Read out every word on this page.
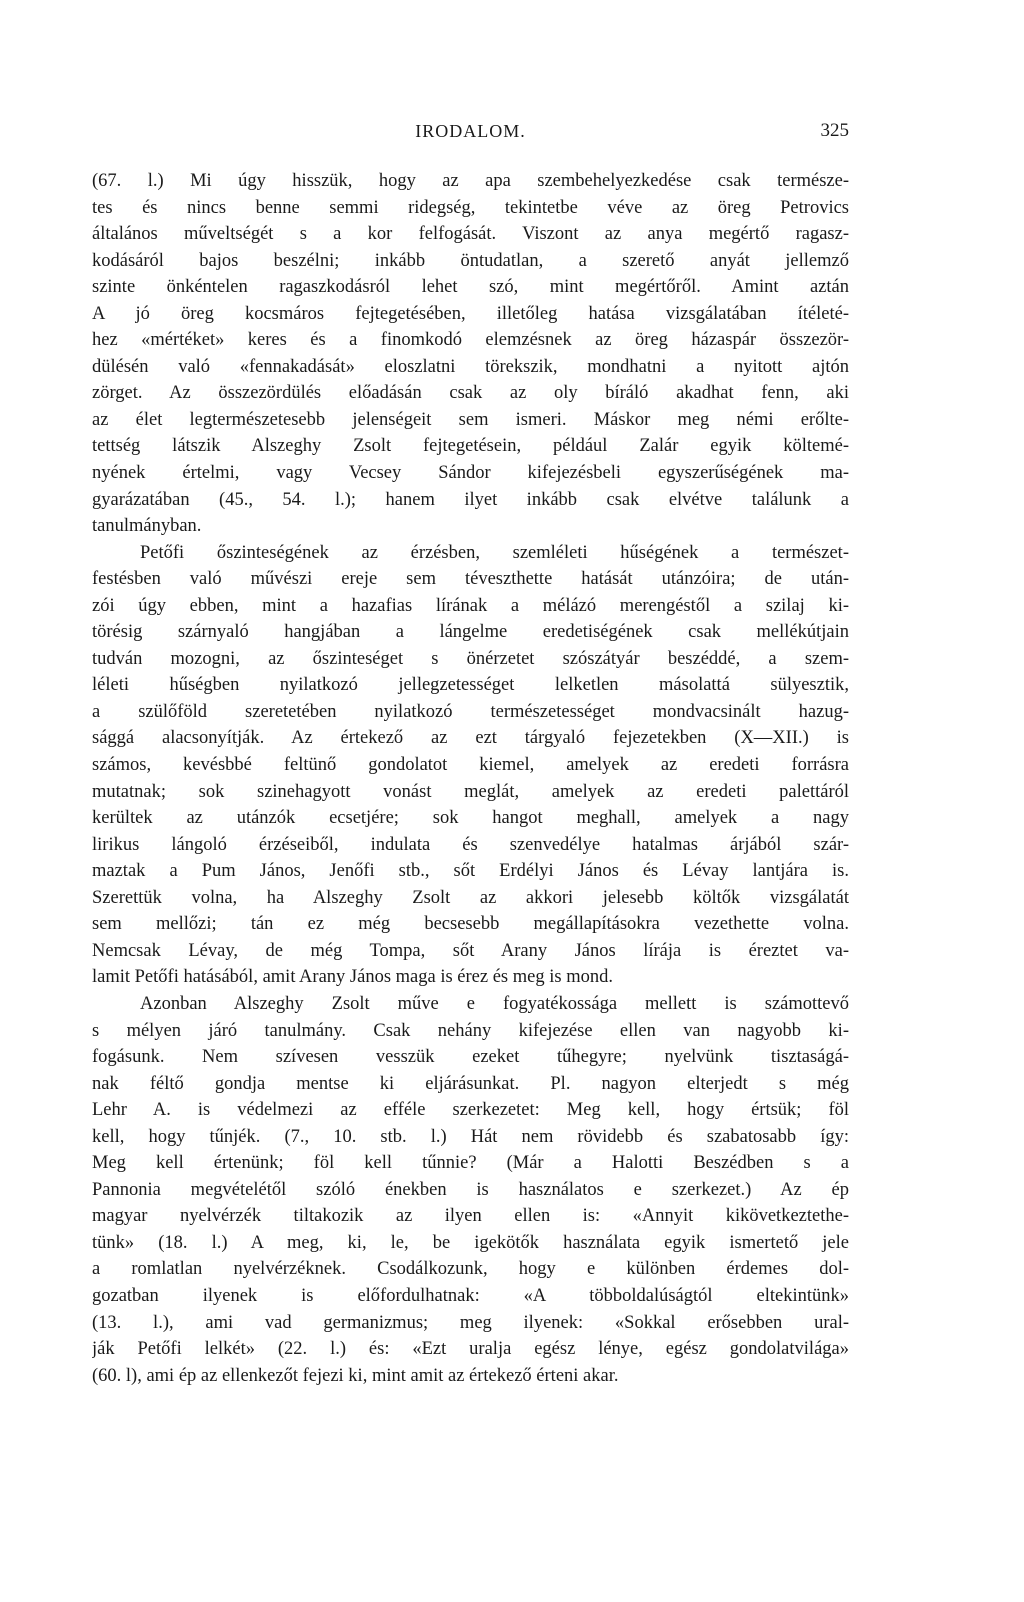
IRODALOM.	325
(67. l.) Mi úgy hisszük, hogy az apa szembehelyezkedése csak természe-
tes és nincs benne semmi ridegség, tekintetbe véve az öreg Petrovics
általános műveltségét s a kor felfogását. Viszont az anya megértő ragasz-
kodásáról bajos beszélni; inkább öntudatlan, a szerető anyát jellemző
szinte önkéntelen ragaszkodásról lehet szó, mint megértőről. Amint aztán
A jó öreg kocsmáros fejtegetésében, illetőleg hatása vizsgálatában ítéleté-
hez «mértéket» keres és a finomkodó elemzésnek az öreg házaspár összezör-
dülésén való «fennakadását» eloszlatni törekszik, mondhatni a nyitott ajtón
zörget. Az összezördülés előadásán csak az oly bíráló akadhat fenn, aki
az élet legtermészetesebb jelenségeit sem ismeri. Máskor meg némi erőlte-
tettség látszik Alszeghy Zsolt fejtegetésein, például Zalár egyik költemé-
nyének értelmi, vagy Vecsey Sándor kifejezésbeli egyszerűségének ma-
gyarázatában (45., 54. l.); hanem ilyet inkább csak elvétve találunk a
tanulmányban.
Petőfi őszinteségének az érzésben, szemléleti hűségének a természet-
festésben való művészi ereje sem téveszthette hatását utánzóira; de után-
zói úgy ebben, mint a hazafias lírának a mélázó merengéstől a szilaj ki-
törésig szárnyaló hangjában a lángelme eredetiségének csak mellékútjain
tudván mozogni, az őszinteséget s önérzetet szószátyár beszéddé, a szem-
léleti hűségben nyilatkozó jellegzetességet lelketlen másolattá sülyesztik,
a szülőföld szeretetében nyilatkozó természetességet mondvacsinált hazug-
sággá alacsonyítják. Az értekező az ezt tárgyaló fejezetekben (X—XII.) is
számos, kevésbbé feltünő gondolatot kiemel, amelyek az eredeti forrásra
mutatnak; sok szinehagyott vonást meglát, amelyek az eredeti palettáról
kerültek az utánzók ecsetjére; sok hangot meghall, amelyek a nagy
lirikus lángoló érzéseiből, indulata és szenvedélye hatalmas árjából szár-
maztak a Pum János, Jenőfi stb., sőt Erdélyi János és Lévay lantjára is.
Szerettük volna, ha Alszeghy Zsolt az akkori jelesebb költők vizsgálatát
sem mellőzi; tán ez még becsesebb megállapításokra vezethette volna.
Nemcsak Lévay, de még Tompa, sőt Arany János lírája is éreztet va-
lamit Petőfi hatásából, amit Arany János maga is érez és meg is mond.
Azonban Alszeghy Zsolt műve e fogyatékossága mellett is számottevő
s mélyen járó tanulmány. Csak nehány kifejezése ellen van nagyobb ki-
fogásunk. Nem szívesen vesszük ezeket tűhegyre; nyelvünk tisztaságá-
nak féltő gondja mentse ki eljárásunkat. Pl. nagyon elterjedt s még
Lehr A. is védelmezi az efféle szerkezetet: Meg kell, hogy értsük; föl
kell, hogy tűnjék. (7., 10. stb. l.) Hát nem rövidebb és szabatosabb így:
Meg kell értenünk; föl kell tűnnie? (Már a Halotti Beszédben s a
Pannonia megvételétől szóló énekben is használatos e szerkezet.) Az ép
magyar nyelvérzék tiltakozik az ilyen ellen is: «Annyit kikövetkeztethe-
tünk» (18. l.) A meg, ki, le, be igekötők használata egyik ismertető jele
a romlatlan nyelvérzéknek. Csodálkozunk, hogy e különben érdemes dol-
gozatban ilyenek is előfordulhatnak: «A többoldalúságtól eltekintünk»
(13. l.), ami vad germanizmus; meg ilyenek: «Sokkal erősebben ural-
ják Petőfi lelkét» (22. l.) és: «Ezt uralja egész lénye, egész gondolatvilága»
(60. l), ami ép az ellenkezőt fejezi ki, mint amit az értekező érteni akar.
